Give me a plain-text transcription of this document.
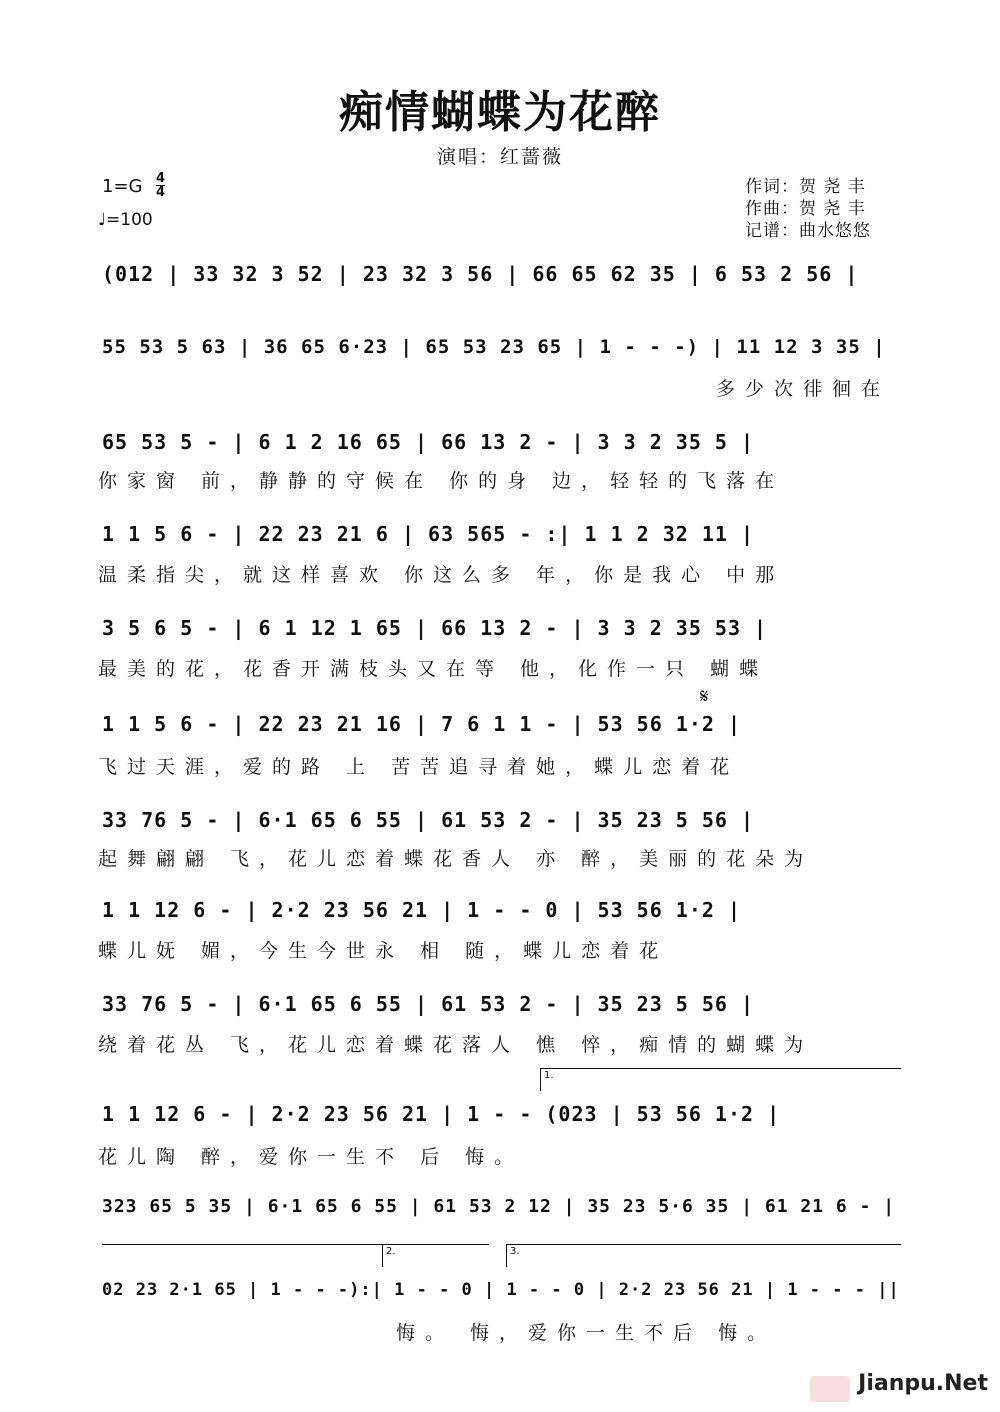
痴情蝴蝶为花醉
演唱：红蔷薇
1=G 4
4
♩=100
作词：贺 尧 丰
作曲：贺 尧 丰
记谱：曲水悠悠
(012 | 33 32 3 52 | 23 32 3 56 | 66 65 62 35 | 6 53 2 56 |
55 53 5 63 | 36 65 6·23 | 65 53 23 65 | 1 - - -) | 11 12 3 35 |
多少次徘徊在
65 53 5 - | 6 1 2 16 65 | 66 13 2 - | 3 3 2 35 5 |
你家窗 前，静静的守候在 你的身 边，轻轻的飞落在
1 1 5 6 - | 22 23 21 6 | 63 565 - :| 1 1 2 32 11 |
温柔指尖，就这样喜欢 你这么多 年，你是我心 中那
3 5 6 5 - | 6 1 12 1 65 | 66 13 2 - | 3 3 2 35 53 |
最美的花，花香开满枝头又在等 他，化作一只 蝴蝶
𝄋
1 1 5 6 - | 22 23 21 16 | 7 6 1 1 - | 53 56 1·2 |
飞过天涯，爱的路 上 苦苦追寻着她，蝶儿恋着花
33 76 5 - | 6·1 65 6 55 | 61 53 2 - | 35 23 5 56 |
起舞翩翩 飞，花儿恋着蝶花香人 亦 醉，美丽的花朵为
1 1 12 6 - | 2·2 23 56 21 | 1 - - 0 | 53 56 1·2 |
蝶儿妩 媚，今生今世永 相 随，蝶儿恋着花
33 76 5 - | 6·1 65 6 55 | 61 53 2 - | 35 23 5 56 |
绕着花丛 飞，花儿恋着蝶花落人 憔 悴，痴情的蝴蝶为
1.
1 1 12 6 - | 2·2 23 56 21 | 1 - - (023 | 53 56 1·2 |
花儿陶 醉，爱你一生不 后 悔。
323 65 5 35 | 6·1 65 6 55 | 61 53 2 12 | 35 23 5·6 35 | 61 21 6 - |
2.	3.
02 23 2·1 65 | 1 - - -):| 1 - - 0 | 1 - - 0 | 2·2 23 56 21 | 1 - - - ||
悔。 悔，爱你一生不后 悔。
Jianpu.Net
